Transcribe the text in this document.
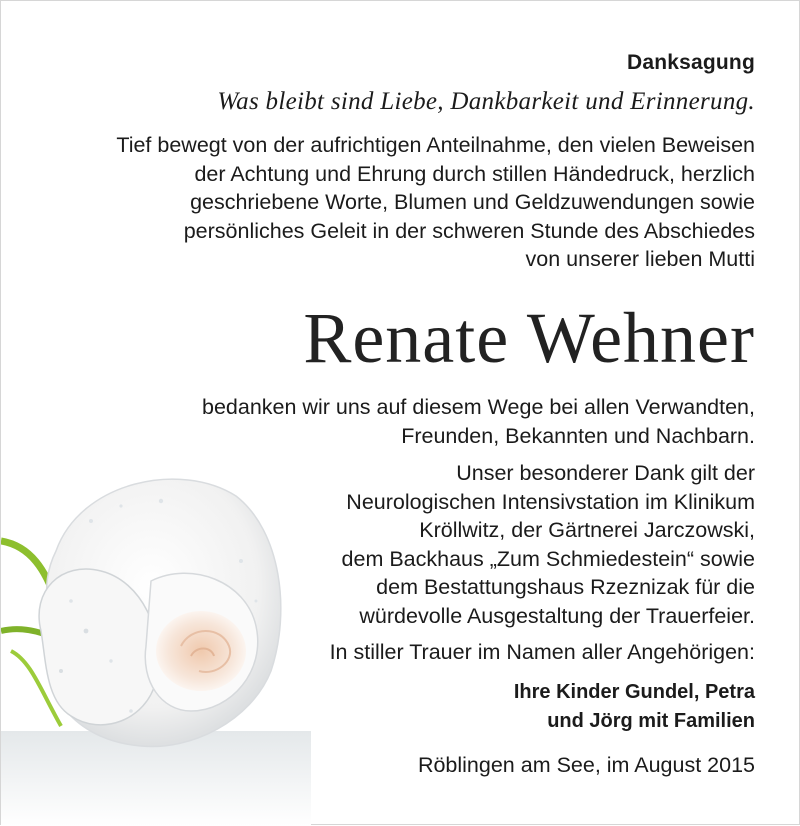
Danksagung
Was bleibt sind Liebe, Dankbarkeit und Erinnerung.
Tief bewegt von der aufrichtigen Anteilnahme, den vielen Beweisen
der Achtung und Ehrung durch stillen Händedruck, herzlich
geschriebene Worte, Blumen und Geldzuwendungen sowie
persönliches Geleit in der schweren Stunde des Abschiedes
von unserer lieben Mutti
Renate Wehner
bedanken wir uns auf diesem Wege bei allen Verwandten,
Freunden, Bekannten und Nachbarn.
Unser besonderer Dank gilt der
Neurologischen Intensivstation im Klinikum
Kröllwitz, der Gärtnerei Jarczowski,
dem Backhaus „Zum Schmiedestein“ sowie
dem Bestattungshaus Rzeznizak für die
würdevolle Ausgestaltung der Trauerfeier.
In stiller Trauer im Namen aller Angehörigen:
Ihre Kinder Gundel, Petra
und Jörg mit Familien
Röblingen am See, im August 2015
